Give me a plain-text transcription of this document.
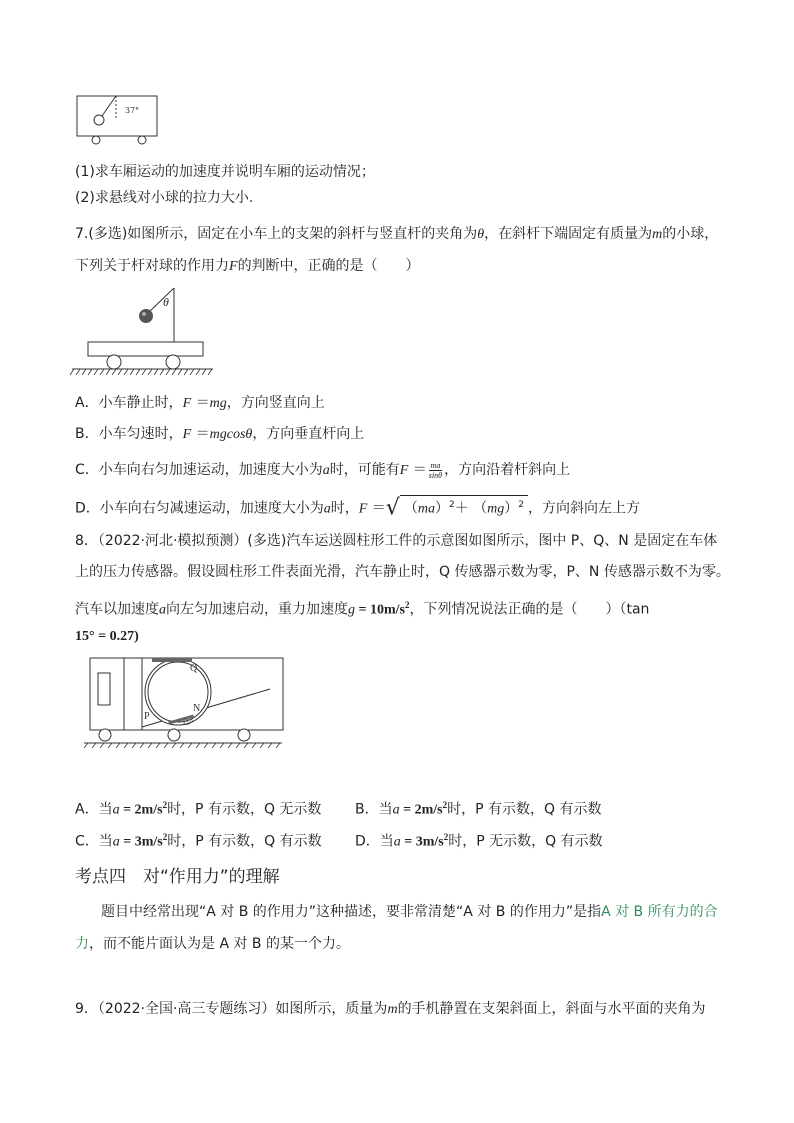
37°
(1)求车厢运动的加速度并说明车厢的运动情况；
(2)求悬线对小球的拉力大小.
7.(多选)如图所示，固定在小车上的支架的斜杆与竖直杆的夹角为θ，在斜杆下端固定有质量为m的小球，
下列关于杆对球的作用力F的判断中，正确的是（　　）
θ
A．小车静止时，F ＝mg，方向竖直向上
B．小车匀速时，F ＝mgcosθ，方向垂直杆向上
C．小车向右匀加速运动，加速度大小为a时，可能有$F = \frac{ma}{\sin\theta}$ ，方向沿着杆斜向上
D．小车向右匀减速运动，加速度大小为a时，F ＝√ （ma）$^2$＋ （mg）$^2$ ，方向斜向左上方
8．（2022·河北·模拟预测）(多选)汽车运送圆柱形工件的示意图如图所示，图中 P、Q、N 是固定在车体
上的压力传感器。假设圆柱形工件表面光滑，汽车静止时，Q 传感器示数为零，P、N 传感器示数不为零。
汽车以加速度a向左匀加速启动，重力加速度$g = 10m/s^2$，下列情况说法正确的是（　　）（tan
15° = 0.27)
Q
N
P
15°
A．当$a = 2m/s^2$时，P 有示数，Q 无示数 B．当$a = 2m/s^2$时，P 有示数，Q 有示数
C．当$a = 3m/s^2$时，P 有示数，Q 有示数 D．当$a = 3m/s^2$时，P 无示数，Q 有示数
考点四　对“作用力”的理解
题目中经常出现“A 对 B 的作用力”这种描述，要非常清楚“A 对 B 的作用力”是指A 对 B 所有力的合
力，而不能片面认为是 A 对 B 的某一个力。
9．（2022·全国·高三专题练习）如图所示，质量为m的手机静置在支架斜面上，斜面与水平面的夹角为
